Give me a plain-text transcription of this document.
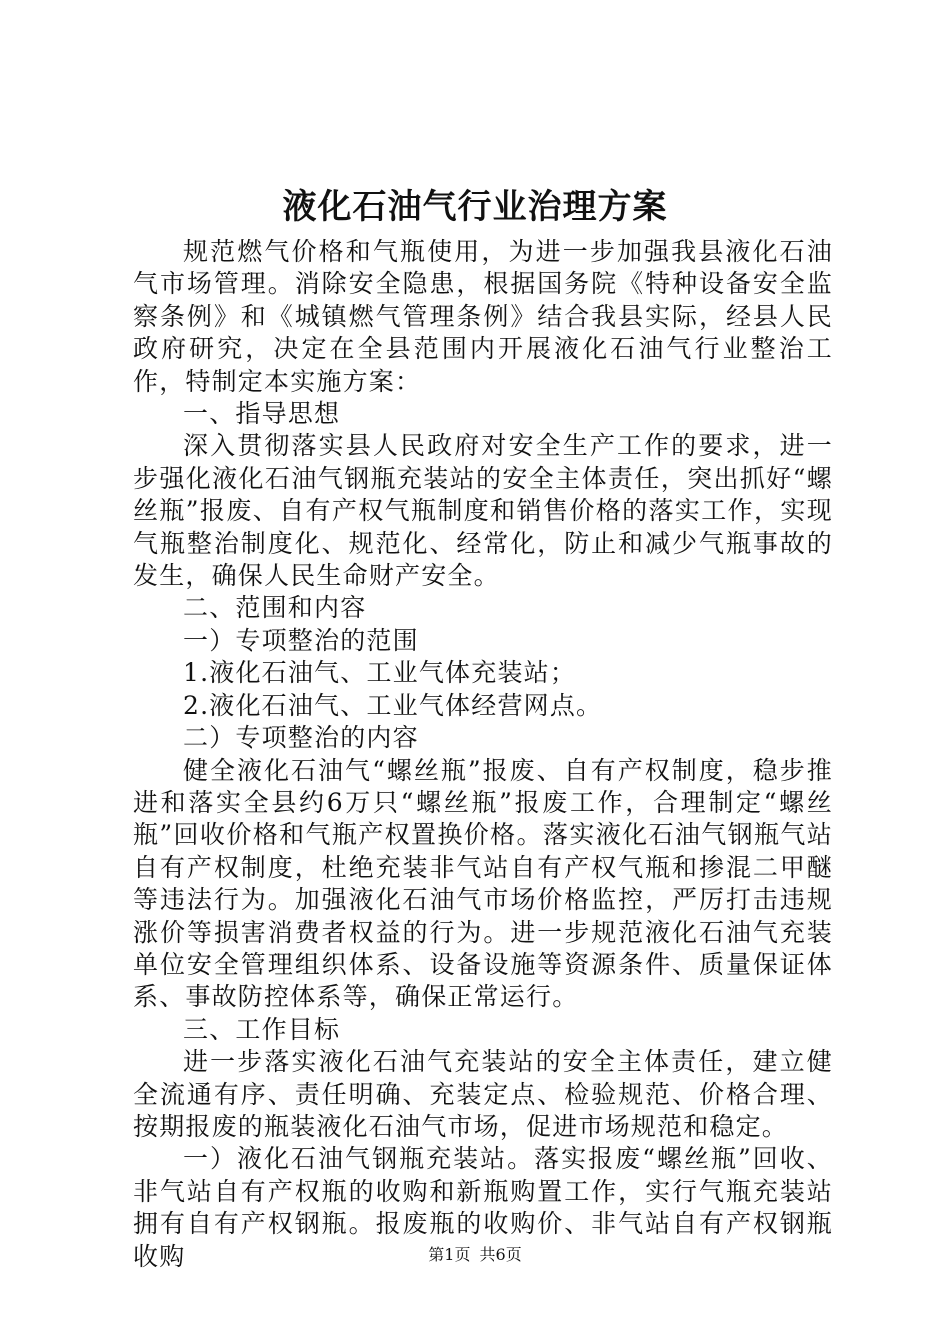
液化石油气行业治理方案

规范燃气价格和气瓶使用，为进一步加强我县液化石油气市场管理。消除安全隐患，根据国务院《特种设备安全监察条例》和《城镇燃气管理条例》结合我县实际，经县人民政府研究，决定在全县范围内开展液化石油气行业整治工作，特制定本实施方案：

一、指导思想

深入贯彻落实县人民政府对安全生产工作的要求，进一步强化液化石油气钢瓶充装站的安全主体责任，突出抓好“螺丝瓶”报废、自有产权气瓶制度和销售价格的落实工作，实现气瓶整治制度化、规范化、经常化，防止和减少气瓶事故的发生，确保人民生命财产安全。

二、范围和内容

一）专项整治的范围

1.液化石油气、工业气体充装站；

2.液化石油气、工业气体经营网点。

二）专项整治的内容

健全液化石油气“螺丝瓶”报废、自有产权制度，稳步推进和落实全县约6万只“螺丝瓶”报废工作，合理制定“螺丝瓶”回收价格和气瓶产权置换价格。落实液化石油气钢瓶气站自有产权制度，杜绝充装非气站自有产权气瓶和掺混二甲醚等违法行为。加强液化石油气市场价格监控，严厉打击违规涨价等损害消费者权益的行为。进一步规范液化石油气充装单位安全管理组织体系、设备设施等资源条件、质量保证体系、事故防控体系等，确保正常运行。

三、工作目标

进一步落实液化石油气充装站的安全主体责任，建立健全流通有序、责任明确、充装定点、检验规范、价格合理、按期报废的瓶装液化石油气市场，促进市场规范和稳定。

一）液化石油气钢瓶充装站。落实报废“螺丝瓶”回收、非气站自有产权瓶的收购和新瓶购置工作，实行气瓶充装站拥有自有产权钢瓶。报废瓶的收购价、非气站自有产权钢瓶收购	第1页 共6页
